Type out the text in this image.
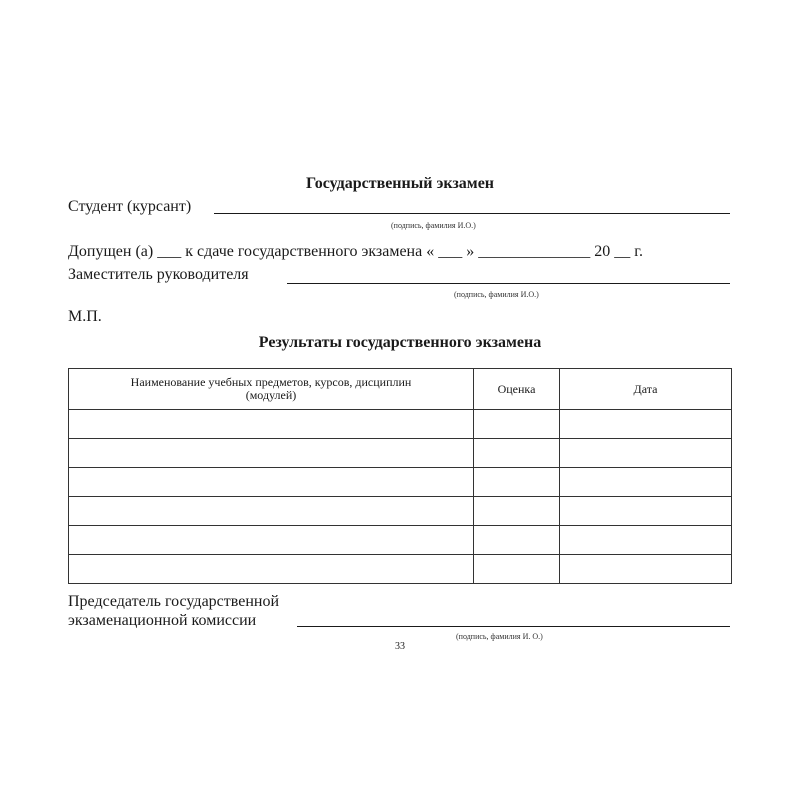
Государственный экзамен
Студент (курсант)
(подпись, фамилия И.О.)
Допущен (а) ___ к сдаче государственного экзамена « ___ » ______________ 20 __ г.
Заместитель руководителя
(подпись, фамилия И.О.)
М.П.
Результаты государственного экзамена
Наименование учебных предметов, курсов, дисциплин (модулей)	Оценка	Дата

Председатель государственной
экзаменационной комиссии
(подпись, фамилия И. О.)
33
